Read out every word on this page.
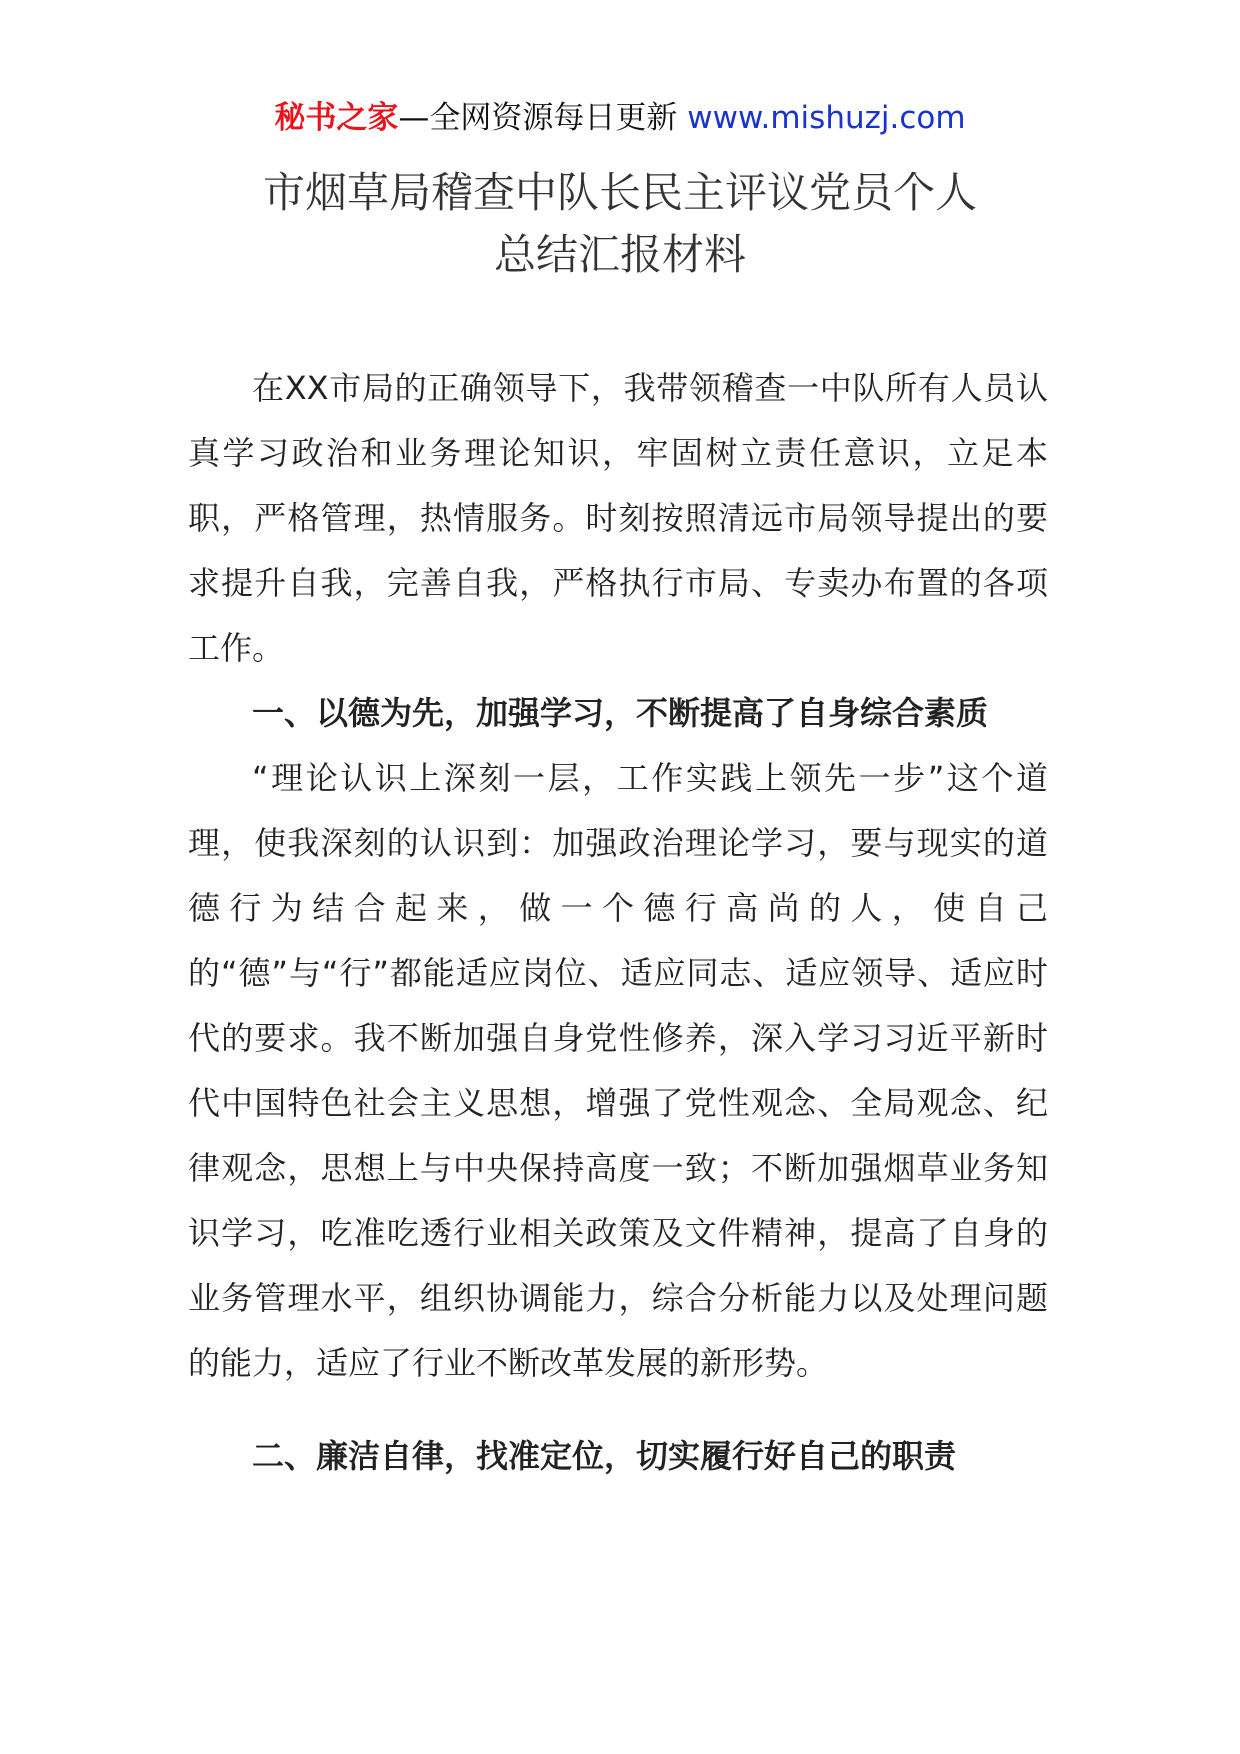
秘书之家—全网资源每日更新 www.mishuzj.com
市烟草局稽查中队长民主评议党员个人
总结汇报材料

在XX市局的正确领导下，我带领稽查一中队所有人员认真学习政治和业务理论知识，牢固树立责任意识，立足本职，严格管理，热情服务。时刻按照清远市局领导提出的要求提升自我，完善自我，严格执行市局、专卖办布置的各项工作。

一、以德为先，加强学习，不断提高了自身综合素质

“理论认识上深刻一层，工作实践上领先一步”这个道理，使我深刻的认识到：加强政治理论学习，要与现实的道德行为结合起来，做一个德行高尚的人，使自己的“德”与“行”都能适应岗位、适应同志、适应领导、适应时代的要求。我不断加强自身党性修养，深入学习习近平新时代中国特色社会主义思想，增强了党性观念、全局观念、纪律观念，思想上与中央保持高度一致；不断加强烟草业务知识学习，吃准吃透行业相关政策及文件精神，提高了自身的业务管理水平，组织协调能力，综合分析能力以及处理问题的能力，适应了行业不断改革发展的新形势。

二、廉洁自律，找准定位，切实履行好自己的职责
